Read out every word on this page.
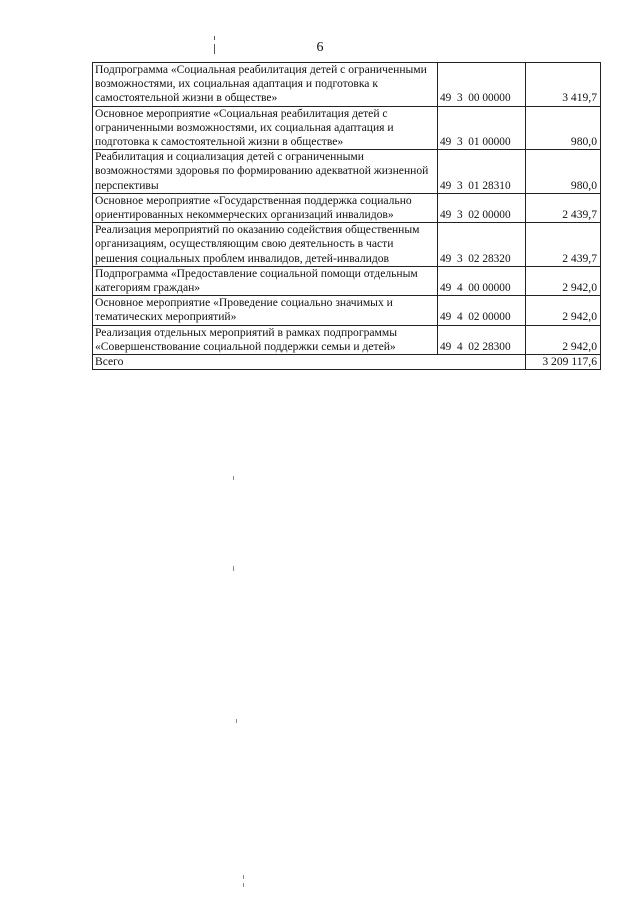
6
Подпрограмма «Социальная реабилитация детей с ограниченными возможностями, их социальная адаптация и подготовка к самостоятельной жизни в обществе»	49  3  00 00000	3 419,7
Основное мероприятие «Социальная реабилитация детей с ограниченными возможностями, их социальная адаптация и подготовка к самостоятельной жизни в обществе»	49  3  01 00000	980,0
Реабилитация и социализация детей с ограниченными возможностями здоровья по формированию адекватной жизненной перспективы	49  3  01 28310	980,0
Основное мероприятие «Государственная поддержка социально ориентированных некоммерческих организаций инвалидов»	49  3  02 00000	2 439,7
Реализация мероприятий по оказанию содействия общественным организациям, осуществляющим свою деятельность в части решения социальных проблем инвалидов, детей-инвалидов	49  3  02 28320	2 439,7
Подпрограмма «Предоставление социальной помощи отдельным категориям граждан»	49  4  00 00000	2 942,0
Основное мероприятие «Проведение социально значимых и тематических мероприятий»	49  4  02 00000	2 942,0
Реализация отдельных мероприятий в рамках подпрограммы «Совершенствование социальной поддержки семьи и детей»	49  4  02 28300	2 942,0
Всего		3 209 117,6
